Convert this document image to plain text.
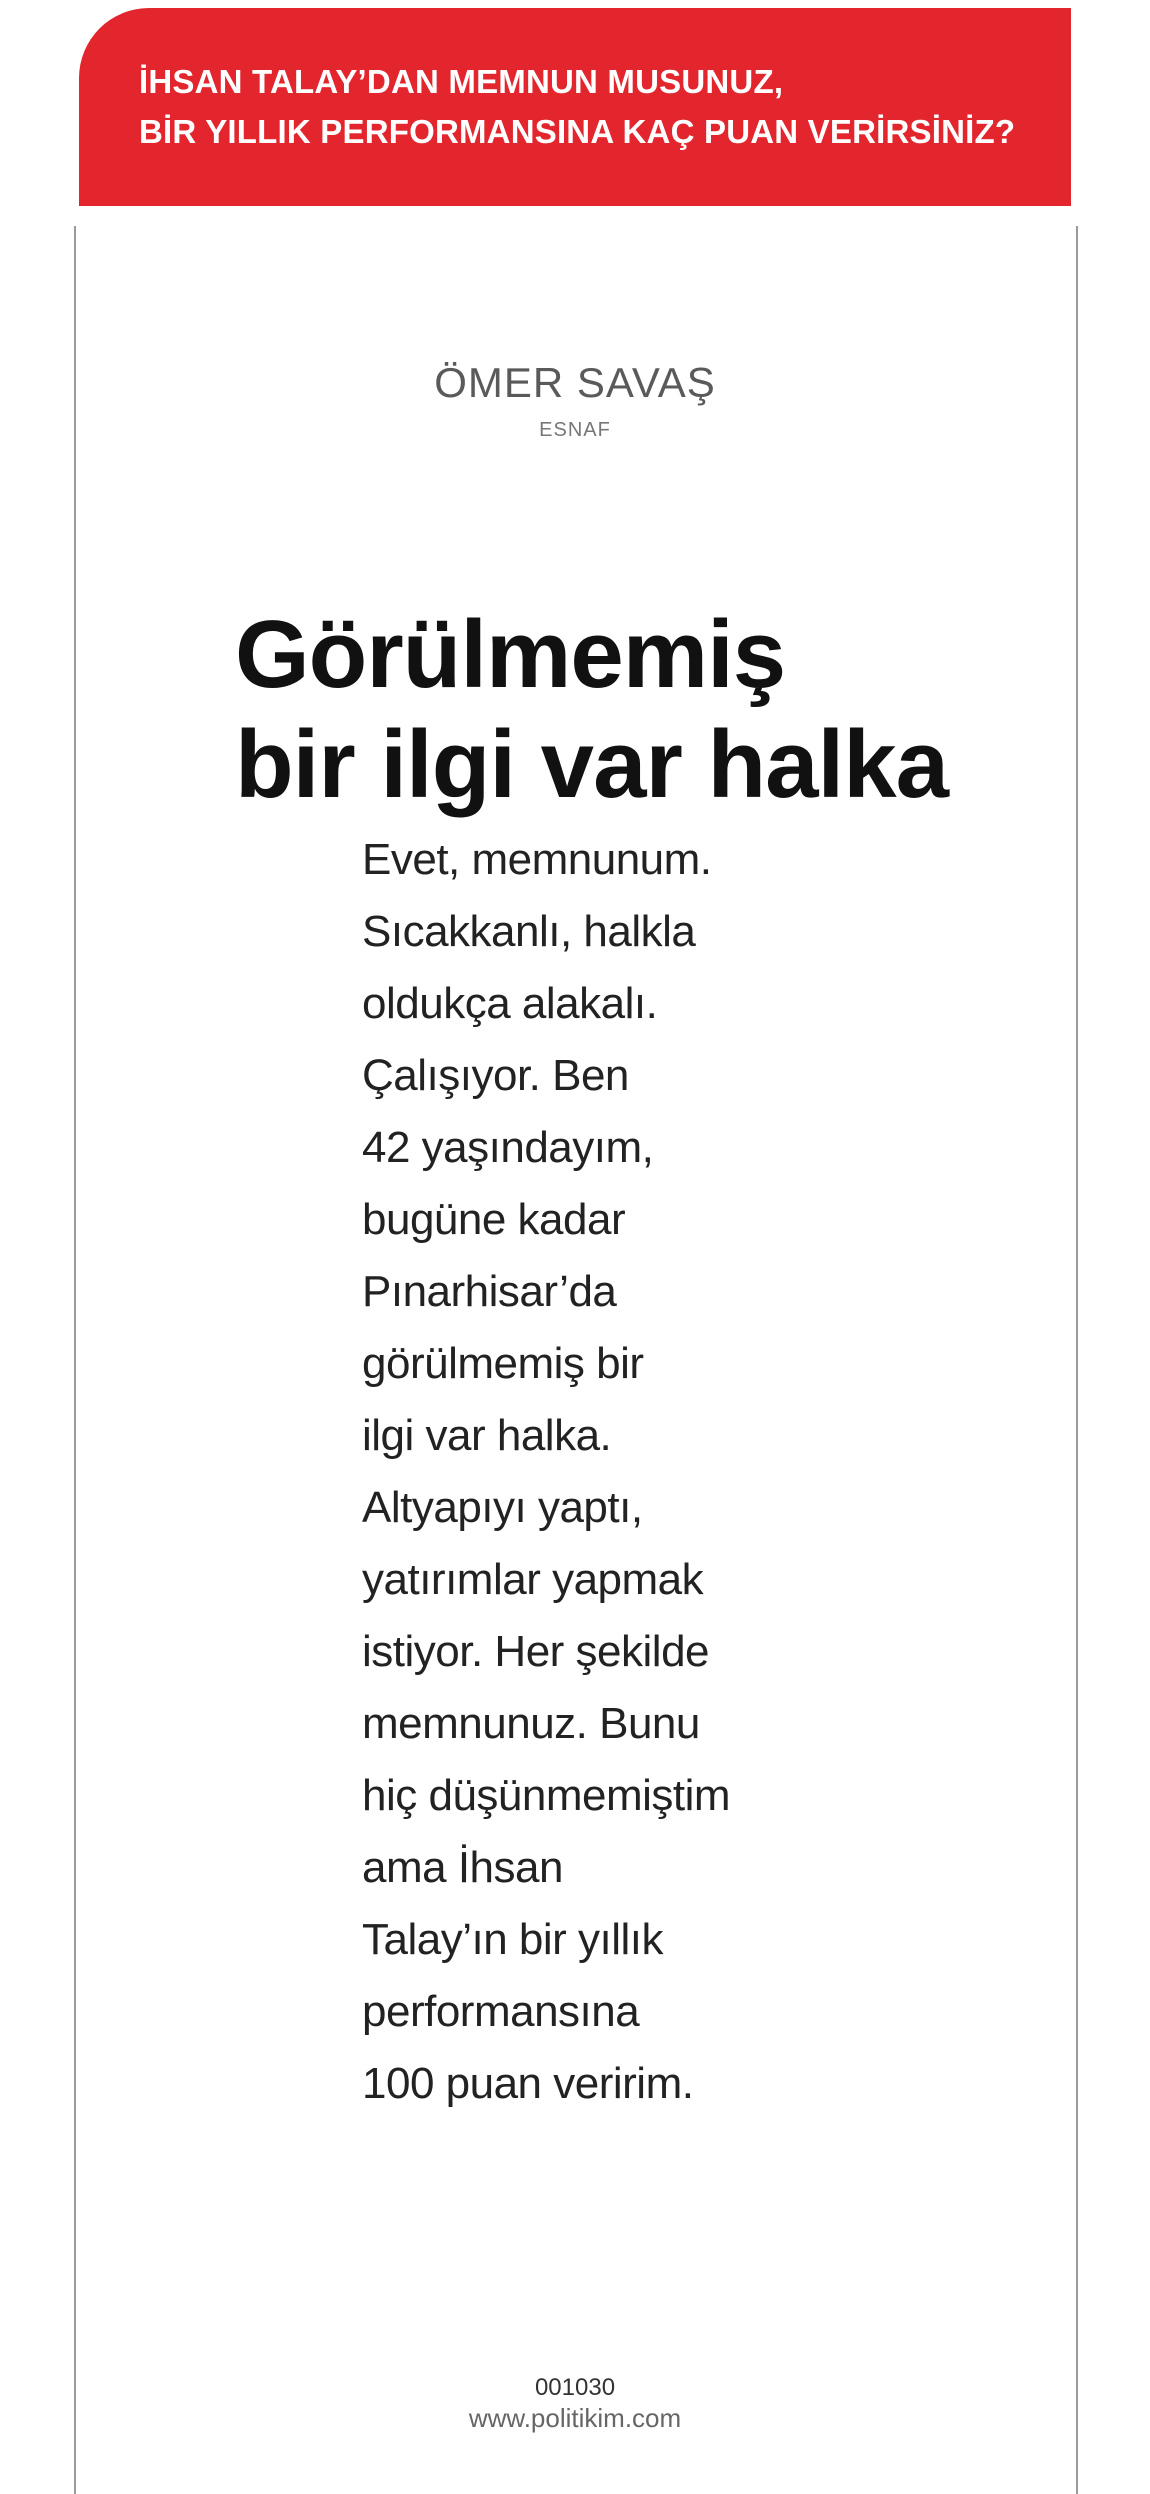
İHSAN TALAY’DAN MEMNUN MUSUNUZ,
BİR YILLIK PERFORMANSINA KAÇ PUAN VERİRSİNİZ?
ÖMER SAVAŞ
ESNAF
Görülmemiş
bir ilgi var halka
Evet, memnunum.
Sıcakkanlı, halkla
oldukça alakalı.
Çalışıyor. Ben
42 yaşındayım,
bugüne kadar
Pınarhisar’da
görülmemiş bir
ilgi var halka.
Altyapıyı yaptı,
yatırımlar yapmak
istiyor. Her şekilde
memnunuz. Bunu
hiç düşünmemiştim
ama İhsan
Talay’ın bir yıllık
performansına
100 puan veririm.
001030
www.politikim.com
